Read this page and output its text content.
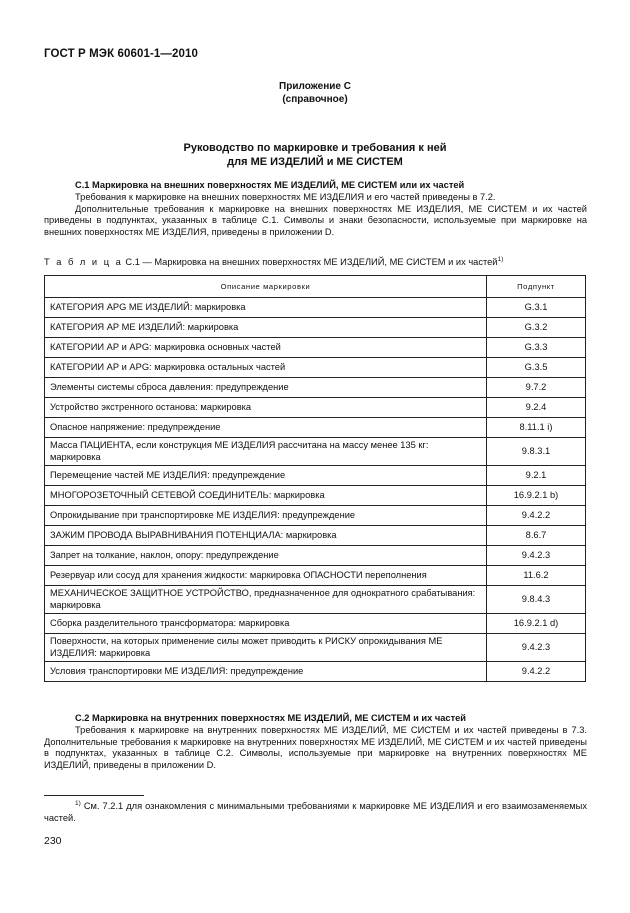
ГОСТ Р МЭК 60601-1—2010
Приложение С
(справочное)
Руководство по маркировке и требования к ней
для МЕ ИЗДЕЛИЙ и МЕ СИСТЕМ
С.1 Маркировка на внешних поверхностях МЕ ИЗДЕЛИЙ, МЕ СИСТЕМ или их частей

Требования к маркировке на внешних поверхностях МЕ ИЗДЕЛИЯ и его частей приведены в 7.2.

Дополнительные требования к маркировке на внешних поверхностях МЕ ИЗДЕЛИЯ, МЕ СИСТЕМ и их частей приведены в подпунктах, указанных в таблице С.1. Символы и знаки безопасности, используемые при маркировке на внешних поверхностях МЕ ИЗДЕЛИЯ, приведены в приложении D.

Т а б л и ц а С.1 — Маркировка на внешних поверхностях МЕ ИЗДЕЛИЙ, МЕ СИСТЕМ и их частей$^{1)}$
Описание маркировки	Подпункт
КАТЕГОРИЯ APG МЕ ИЗДЕЛИЙ: маркировка	G.3.1
КАТЕГОРИЯ АР МЕ ИЗДЕЛИЙ: маркировка	G.3.2
КАТЕГОРИИ АР и APG: маркировка основных частей	G.3.3
КАТЕГОРИИ АР и APG: маркировка остальных частей	G.3.5
Элементы системы сброса давления: предупреждение	9.7.2
Устройство экстренного останова: маркировка	9.2.4
Опасное напряжение: предупреждение	8.11.1 i)
Масса ПАЦИЕНТА, если конструкция МЕ ИЗДЕЛИЯ рассчитана на массу менее 135 кг: маркировка	9.8.3.1
Перемещение частей МЕ ИЗДЕЛИЯ: предупреждение	9.2.1
МНОГОРОЗЕТОЧНЫЙ СЕТЕВОЙ СОЕДИНИТЕЛЬ: маркировка	16.9.2.1 b)
Опрокидывание при транспортировке МЕ ИЗДЕЛИЯ: предупреждение	9.4.2.2
ЗАЖИМ ПРОВОДА ВЫРАВНИВАНИЯ ПОТЕНЦИАЛА: маркировка	8.6.7
Запрет на толкание, наклон, опору: предупреждение	9.4.2.3
Резервуар или сосуд для хранения жидкости: маркировка ОПАСНОСТИ переполнения	11.6.2
МЕХАНИЧЕСКОЕ ЗАЩИТНОЕ УСТРОЙСТВО, предназначенное для однократного срабатывания: маркировка	9.8.4.3
Сборка разделительного трансформатора: маркировка	16.9.2.1 d)
Поверхности, на которых применение силы может приводить к РИСКУ опрокидывания МЕ ИЗДЕЛИЯ: маркировка	9.4.2.3
Условия транспортировки МЕ ИЗДЕЛИЯ: предупреждение	9.4.2.2
С.2 Маркировка на внутренних поверхностях МЕ ИЗДЕЛИЙ, МЕ СИСТЕМ и их частей

Требования к маркировке на внутренних поверхностях МЕ ИЗДЕЛИЙ, МЕ СИСТЕМ и их частей приведены в 7.3. Дополнительные требования к маркировке на внутренних поверхностях МЕ ИЗДЕЛИЙ, МЕ СИСТЕМ и их частей приведены в подпунктах, указанных в таблице С.2. Символы, используемые при маркировке на внутренних поверхностях МЕ ИЗДЕЛИЙ, приведены в приложении D.

$^{1)}$ См. 7.2.1 для ознакомления с минимальными требованиями к маркировке МЕ ИЗДЕЛИЯ и его взаимозаменяемых частей.
230
